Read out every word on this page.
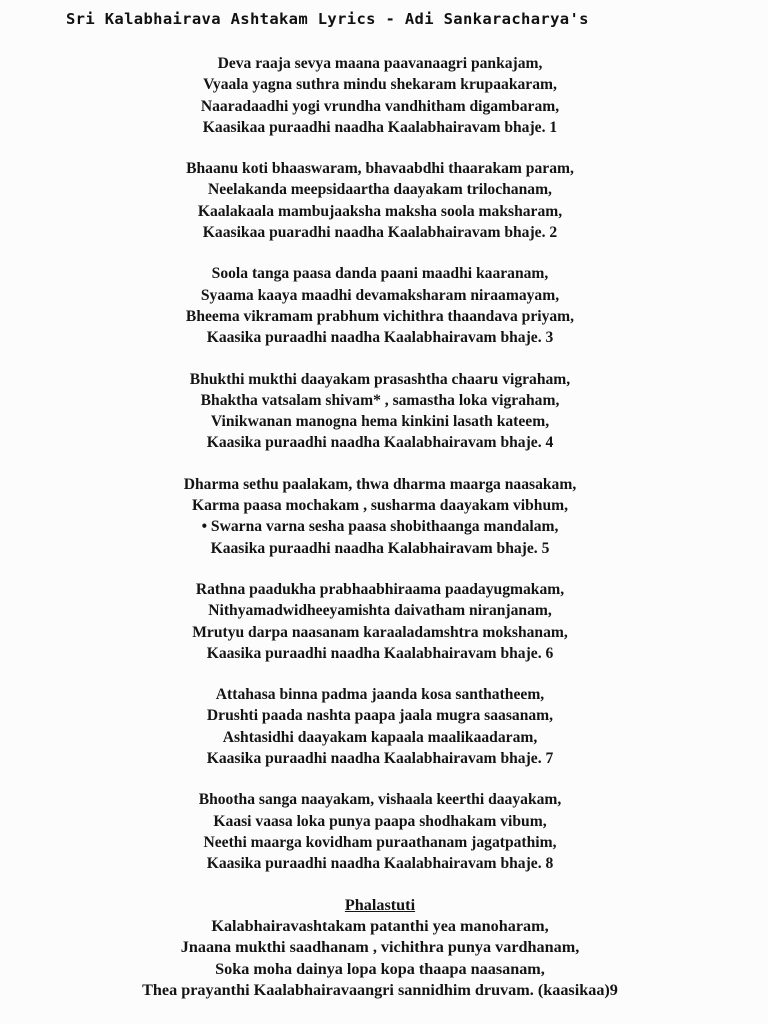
Sri Kalabhairava Ashtakam Lyrics - Adi Sankaracharya's
Deva raaja sevya maana paavanaagri pankajam,
Vyaala yagna suthra mindu shekaram krupaakaram,
Naaradaadhi yogi vrundha vandhitham digambaram,
Kaasikaa puraadhi naadha Kaalabhairavam bhaje. 1
Bhaanu koti bhaaswaram, bhavaabdhi thaarakam param,
Neelakanda meepsidaartha daayakam trilochanam,
Kaalakaala mambujaaksha maksha soola maksharam,
Kaasikaa puaradhi naadha Kaalabhairavam bhaje. 2
Soola tanga paasa danda paani maadhi kaaranam,
Syaama kaaya maadhi devamaksharam niraamayam,
Bheema vikramam prabhum vichithra thaandava priyam,
Kaasika puraadhi naadha Kaalabhairavam bhaje. 3
Bhukthi mukthi daayakam prasashtha chaaru vigraham,
Bhaktha vatsalam shivam* , samastha loka vigraham,
Vinikwanan manogna hema kinkini lasath kateem,
Kaasika puraadhi naadha Kaalabhairavam bhaje. 4
Dharma sethu paalakam, thwa dharma maarga naasakam,
Karma paasa mochakam , susharma daayakam vibhum,
• Swarna varna sesha paasa shobithaanga mandalam,
Kaasika puraadhi naadha Kalabhairavam bhaje. 5
Rathna paadukha prabhaabhiraama paadayugmakam,
Nithyamadwidheeyamishta daivatham niranjanam,
Mrutyu darpa naasanam karaaladamshtra mokshanam,
Kaasika puraadhi naadha Kaalabhairavam bhaje. 6
Attahasa binna padma jaanda kosa santhatheem,
Drushti paada nashta paapa jaala mugra saasanam,
Ashtasidhi daayakam kapaala maalikaadaram,
Kaasika puraadhi naadha Kaalabhairavam bhaje. 7
Bhootha sanga naayakam, vishaala keerthi daayakam,
Kaasi vaasa loka punya paapa shodhakam vibum,
Neethi maarga kovidham puraathanam jagatpathim,
Kaasika puraadhi naadha Kaalabhairavam bhaje. 8
Phalastuti
Kalabhairavashtakam patanthi yea manoharam,
Jnaana mukthi saadhanam , vichithra punya vardhanam,
Soka moha dainya lopa kopa thaapa naasanam,
Thea prayanthi Kaalabhairavaangri sannidhim druvam. (kaasikaa)9
